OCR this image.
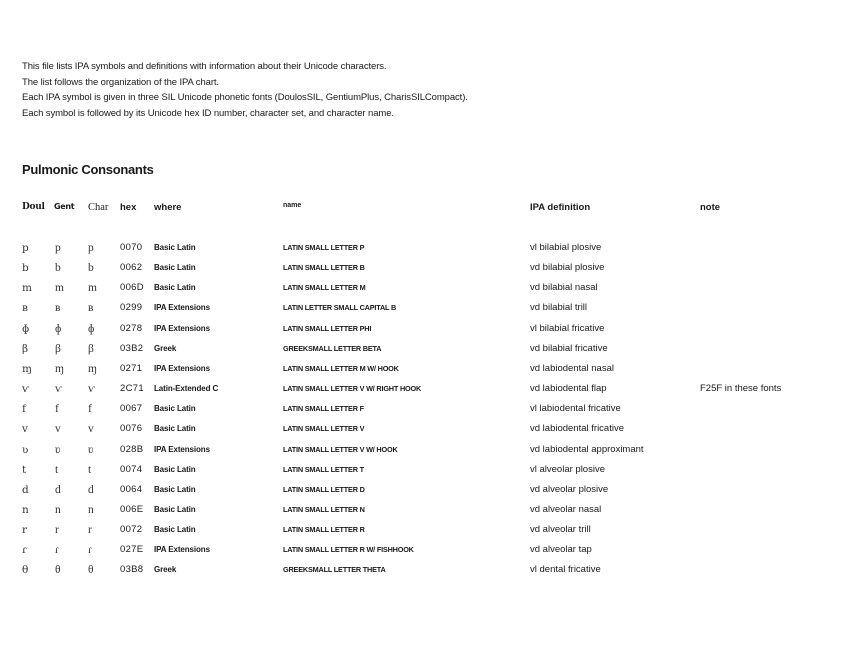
This file lists IPA symbols and definitions with information about their Unicode characters.
The list follows the organization of the IPA chart.
Each IPA symbol is given in three SIL Unicode phonetic fonts (DoulosSIL, GentiumPlus, CharisSILCompact).
Each symbol is followed by its Unicode hex ID number, character set, and character name.
Pulmonic Consonants
Doul Gent Char hex where	name	IPA definition	note
p p p	0070 Basic Latin	LATIN SMALL LETTER P	vl bilabial plosive
b b b	0062 Basic Latin	LATIN SMALL LETTER B	vd bilabial plosive
m m m 006D Basic Latin	LATIN SMALL LETTER M	vd bilabial nasal
ʙ ʙ ʙ	0299 IPA Extensions	LATIN LETTER SMALL CAPITAL B	vd bilabial trill
ɸ ɸ ɸ	0278 IPA Extensions	LATIN SMALL LETTER PHI	vl bilabial fricative
β β β	03B2 Greek	GREEKSMALL LETTER BETA	vd bilabial fricative
ɱ ɱ ɱ 0271 IPA Extensions	LATIN SMALL LETTER M W/ HOOK	vd labiodental nasal
ⱱ ⱱ ⱱ	2C71 Latin-Extended C	LATIN SMALL LETTER V W/ RIGHT HOOK	vd labiodental flap	F25F in these fonts
f	f	f	0067 Basic Latin	LATIN SMALL LETTER F	vl labiodental fricative
v v v	0076 Basic Latin	LATIN SMALL LETTER V	vd labiodental fricative
ʋ ʋ ʋ	028B IPA Extensions	LATIN SMALL LETTER V W/ HOOK	vd labiodental approximant
t	t	t	0074 Basic Latin	LATIN SMALL LETTER T	vl alveolar plosive
d d d	0064 Basic Latin	LATIN SMALL LETTER D	vd alveolar plosive
n n n	006E Basic Latin	LATIN SMALL LETTER N	vd alveolar nasal
r r	r	0072 Basic Latin	LATIN SMALL LETTER R	vd alveolar trill
ɾ ɾ	ɾ	027E IPA Extensions	LATIN SMALL LETTER R W/ FISHHOOK	vd alveolar tap
θ θ θ	03B8 Greek	GREEKSMALL LETTER THETA	vl dental fricative
